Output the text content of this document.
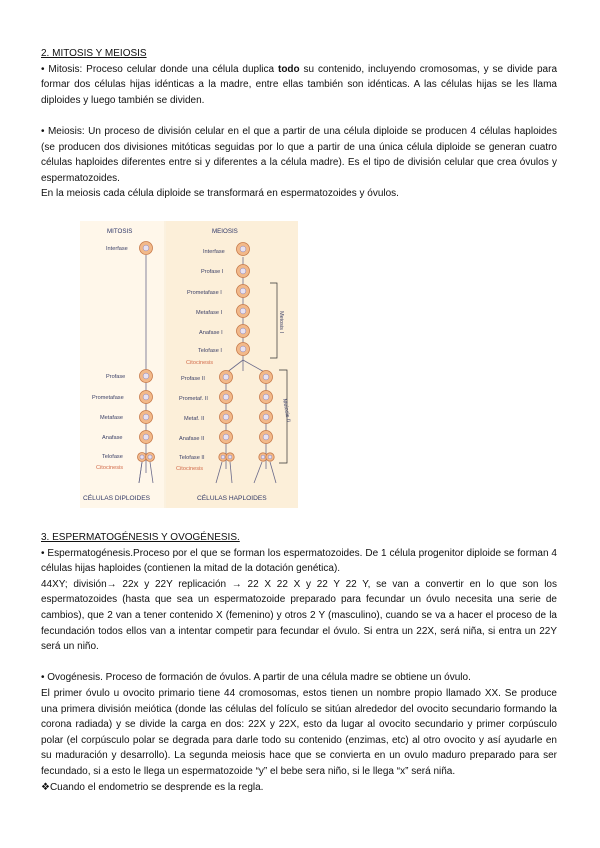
2. MITOSIS Y MEIOSIS

• Mitosis: Proceso celular donde una célula duplica todo su contenido, incluyendo cromosomas, y se divide para formar dos células hijas idénticas a la madre, entre ellas también son idénticas. A las células hijas se les llama diploides y luego también se dividen.

• Meiosis: Un proceso de división celular en el que a partir de una célula diploide se producen 4 células haploides (se producen dos divisiones mitóticas seguidas por lo que a partir de una única célula diploide se generan cuatro células haploides diferentes entre si y diferentes a la célula madre). Es el tipo de división celular que crea óvulos y espermatozoides.

En la meiosis cada célula diploide se transformará en espermatozoides y óvulos.

MITOSIS	MEIOSIS
Interfase
Profase
Prometafase
Metafase
Anafase
Telofase
Citocinesis
Interfase
Profase I
Prometafase I
Metafase I
Anafase I
Telofase I
Citocinesis
Profase II
Prometaf. II
Metaf. II
Anafase II
Telofase II
Citocinesis
Meiosis I
Meiosis II
CÉLULAS DIPLOIDES	CÉLULAS HAPLOIDES

3. ESPERMATOGÉNESIS Y OVOGÉNESIS.

• Espermatogénesis.Proceso por el que se forman los espermatozoides. De 1 célula progenitor diploide se forman 4 células hijas haploides (contienen la mitad de la dotación genética).

44XY; división→ 22x y 22Y replicación → 22 X 22 X y 22 Y 22 Y, se van a convertir en lo que son los espermatozoides (hasta que sea un espermatozoide preparado para fecundar un óvulo necesita una serie de cambios), que 2 van a tener contenido X (femenino) y otros 2 Y (masculino), cuando se va a hacer el proceso de la fecundación todos ellos van a intentar competir para fecundar el óvulo. Si entra un 22X, será niña, si entra un 22Y será un niño.

• Ovogénesis. Proceso de formación de óvulos. A partir de una célula madre se obtiene un óvulo.

El primer óvulo u ovocito primario tiene 44 cromosomas, estos tienen un nombre propio llamado XX. Se produce una primera división meiótica (donde las células del folículo se sitúan alrededor del ovocito secundario formando la corona radiada) y se divide la carga en dos: 22X y 22X, esto da lugar al ovocito secundario y primer corpúsculo polar (el corpúsculo polar se degrada para darle todo su contenido (enzimas, etc) al otro ovocito y así ayudarle en su maduración y desarrollo). La segunda meiosis hace que se convierta en un ovulo maduro preparado para ser fecundado, si a esto le llega un espermatozoide “y” el bebe sera niño, si le llega “x” será niña.

❖Cuando el endometrio se desprende es la regla.
